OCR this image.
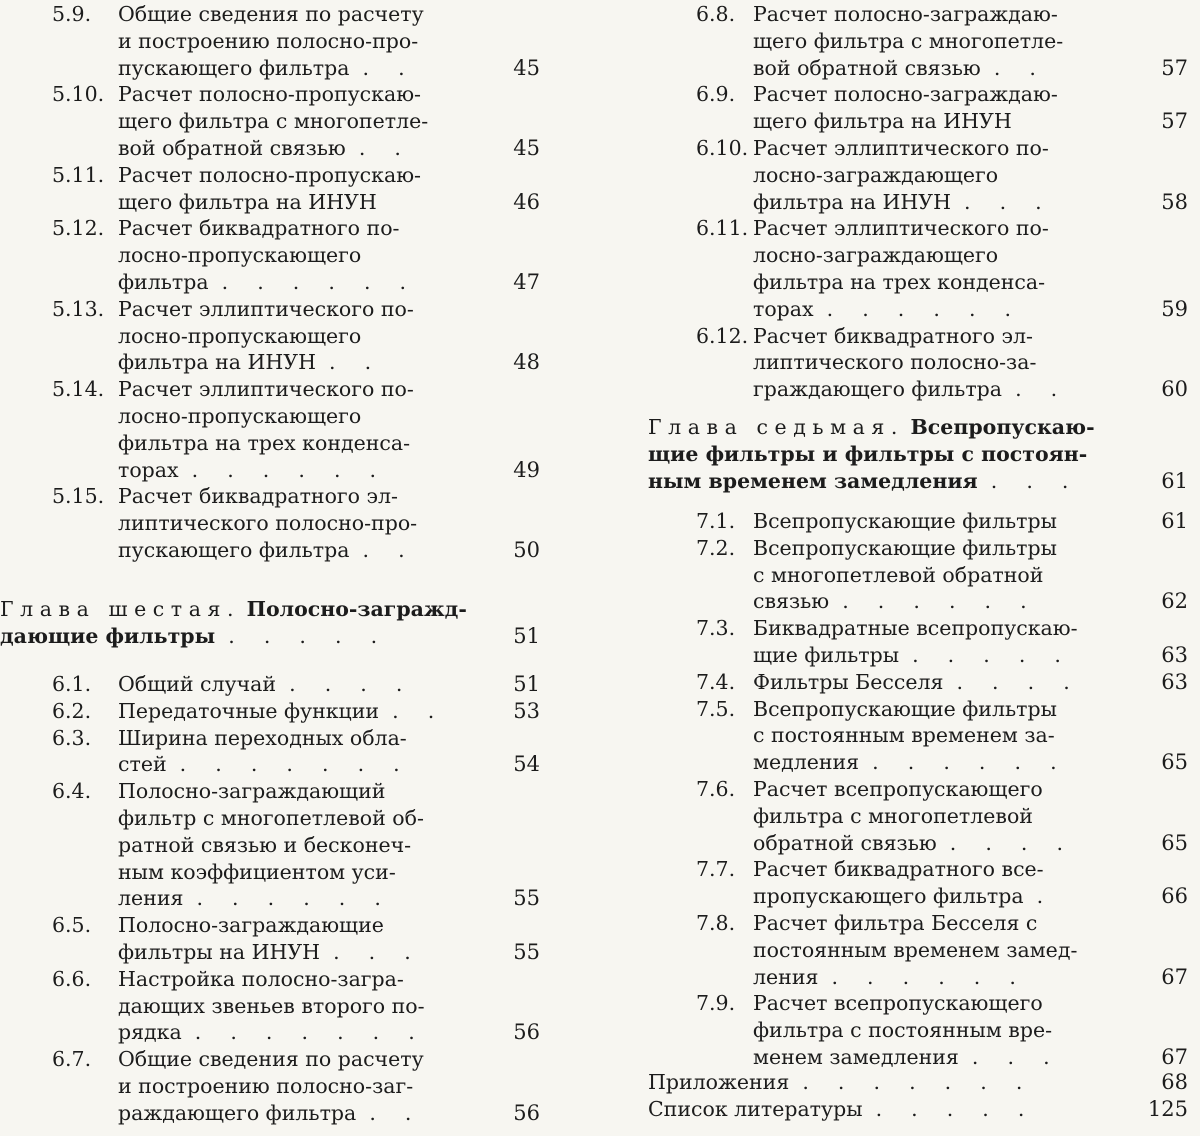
5.9. Общие сведения по расчету
и построению полосно-про-
пускающего фильтра . .	45
5.10. Расчет полосно-пропускаю-
щего фильтра с многопетле-
вой обратной связью . .	45
5.11. Расчет полосно-пропускаю-
щего фильтра на ИНУН	46
5.12. Расчет биквадратного по-
лосно-пропускающего
фильтра . . . . . .	47
5.13. Расчет эллиптического по-
лосно-пропускающего
фильтра на ИНУН . .	48
5.14. Расчет эллиптического по-
лосно-пропускающего
фильтра на трех конденса-
торах . . . . . .	49
5.15. Расчет биквадратного эл-
липтического полосно-про-
пускающего фильтра . .	50
Глава шестая. Полосно-загражд-
дающие фильтры . . . . .	51
6.1. Общий случай . . . .	51
6.2. Передаточные функции . .	53
6.3. Ширина переходных обла-
стей . . . . . . .	54
6.4. Полосно-заграждающий
фильтр с многопетлевой об-
ратной связью и бесконеч-
ным коэффициентом уси-
ления . . . . . .	55
6.5. Полосно-заграждающие
фильтры на ИНУН . . .	55
6.6. Настройка полосно-загра-
дающих звеньев второго по-
рядка . . . . . . .	56
6.7. Общие сведения по расчету
и построению полосно-заг-
раждающего фильтра . .	56
6.8. Расчет полосно-заграждаю-
щего фильтра с многопетле-
вой обратной связью . .	57
6.9. Расчет полосно-заграждаю-
щего фильтра на ИНУН	57
6.10. Расчет эллиптического по-
лосно-заграждающего
фильтра на ИНУН . . .	58
6.11. Расчет эллиптического по-
лосно-заграждающего
фильтра на трех конденса-
торах . . . . . .	59
6.12. Расчет биквадратного эл-
липтического полосно-за-
граждающего фильтра . .	60
Глава седьмая. Всепропускаю-
щие фильтры и фильтры с постоян-
ным временем замедления . . .	61
7.1. Всепропускающие фильтры	61
7.2. Всепропускающие фильтры
с многопетлевой обратной
связью . . . . . .	62
7.3. Биквадратные всепропускаю-
щие фильтры . . . . .	63
7.4. Фильтры Бесселя . . . .	63
7.5. Всепропускающие фильтры
с постоянным временем за-
медления . . . . . .	65
7.6. Расчет всепропускающего
фильтра с многопетлевой
обратной связью . . . .	65
7.7. Расчет биквадратного все-
пропускающего фильтра .	66
7.8. Расчет фильтра Бесселя с
постоянным временем замед-
ления . . . . . .	67
7.9. Расчет всепропускающего
фильтра с постоянным вре-
менем замедления . . .	67
Приложения . . . . . . .	68
Список литературы . . . . .	125
